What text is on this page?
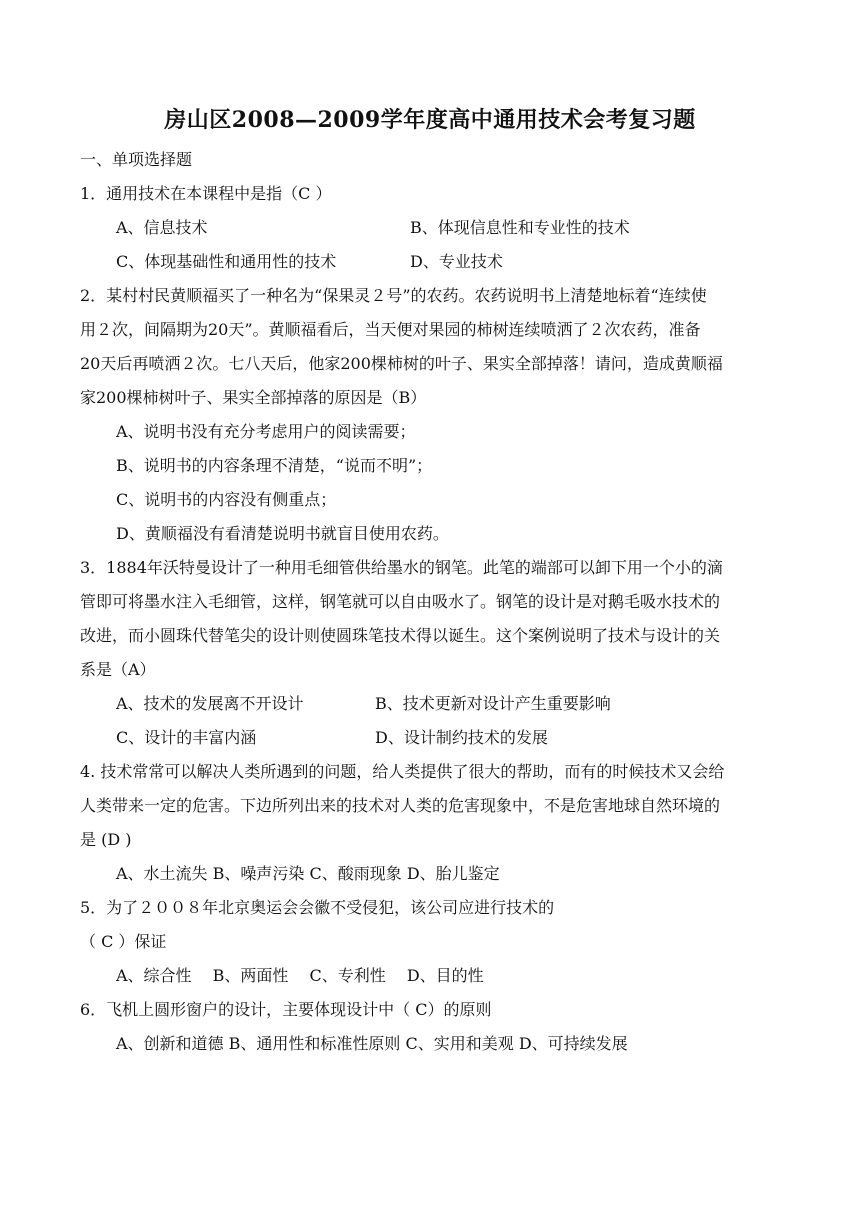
房山区2008—2009学年度高中通用技术会考复习题
一、单项选择题
1．通用技术在本课程中是指（C ）
A、信息技术	B、体现信息性和专业性的技术
C、体现基础性和通用性的技术	D、专业技术
2．某村村民黄顺福买了一种名为“保果灵２号”的农药。农药说明书上清楚地标着“连续使
用２次，间隔期为20天”。黄顺福看后，当天便对果园的柿树连续喷洒了２次农药，准备
20天后再喷洒２次。七八天后，他家200棵柿树的叶子、果实全部掉落！请问，造成黄顺福
家200棵柿树叶子、果实全部掉落的原因是（B）
A、说明书没有充分考虑用户的阅读需要；
B、说明书的内容条理不清楚，“说而不明”；
C、说明书的内容没有侧重点；
D、黄顺福没有看清楚说明书就盲目使用农药。
3．1884年沃特曼设计了一种用毛细管供给墨水的钢笔。此笔的端部可以卸下用一个小的滴
管即可将墨水注入毛细管，这样，钢笔就可以自由吸水了。钢笔的设计是对鹅毛吸水技术的
改进，而小圆珠代替笔尖的设计则使圆珠笔技术得以诞生。这个案例说明了技术与设计的关
系是（A）
A、技术的发展离不开设计	B、技术更新对设计产生重要影响
C、设计的丰富内涵	D、设计制约技术的发展
4. 技术常常可以解决人类所遇到的问题，给人类提供了很大的帮助，而有的时候技术又会给
人类带来一定的危害。下边所列出来的技术对人类的危害现象中，不是危害地球自然环境的
是 (D )
A、水土流失 B、噪声污染 C、酸雨现象 D、胎儿鉴定
5．为了２００８年北京奥运会会徽不受侵犯，该公司应进行技术的
（ C ）保证
A、综合性　 B、两面性　 C、专利性　 D、目的性
6．飞机上圆形窗户的设计，主要体现设计中（ C）的原则
A、创新和道德 B、通用性和标准性原则 C、实用和美观 D、可持续发展
